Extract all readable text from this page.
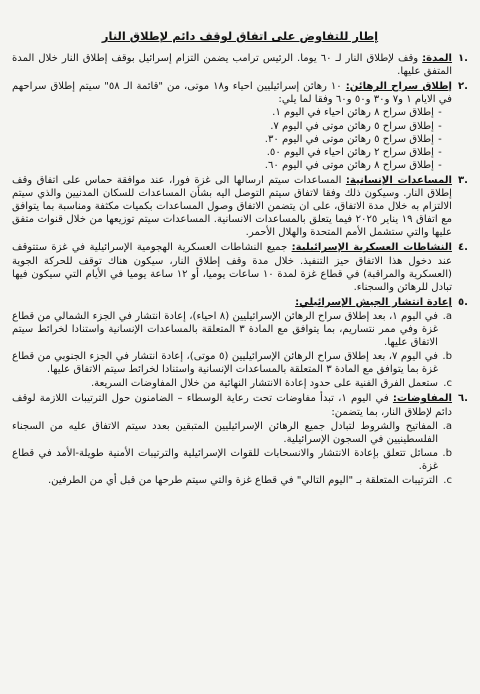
إطار للتفاوض على اتفاق لوقف دائم لإطلاق النار
.١
المدة: وقف لإطلاق النار لـ ٦٠ يوما. الرئيس ترامب يضمن التزام إسرائيل بوقف إطلاق النار خلال المدة المتفق عليها.
.٢
إطلاق سراح الرهائن: ١٠ رهائن إسرائيليين احياء و١٨ موتى، من "قائمة الـ ٥٨" سيتم إطلاق سراحهم في الايام ١ و٧ و٣٠ و٥٠ و٦٠ وفقا لما يلي:
-
إطلاق سراح ٨ رهائن احياء في اليوم ١.
-
إطلاق سراح ٥ رهائن موتى في اليوم ٧.
-
إطلاق سراح ٥ رهائن موتى في اليوم ٣٠.
-
إطلاق سراح ٢ رهائن احياء في اليوم ٥٠.
-
إطلاق سراح ٨ رهائن موتى في اليوم ٦٠.
.٣
المساعدات الإنسانية: المساعدات سيتم ارسالها الى غزة فورا، عند موافقة حماس على اتفاق وقف إطلاق النار. وسيكون ذلك وفقا لاتفاق سيتم التوصل اليه بشأن المساعدات للسكان المدنيين والذي سيتم الالتزام به خلال مدة الاتفاق، على ان يتضمن الاتفاق وصول المساعدات بكميات مكثفة ومناسبة بما يتوافق مع اتفاق ١٩ يناير ٢٠٢٥ فيما يتعلق بالمساعدات الانسانية. المساعدات سيتم توزيعها من خلال قنوات متفق عليها والتي ستشمل الأمم المتحدة والهلال الأحمر.
.٤
النشاطات العسكرية الإسرائيلية: جميع النشاطات العسكرية الهجومية الإسرائيلية في غزة ستتوقف عند دخول هذا الاتفاق حيز التنفيذ. خلال مدة وقف إطلاق النار، سيكون هناك توقف للحركة الجوية (العسكرية والمراقبة) في قطاع غزة لمدة ١٠ ساعات يوميا، أو ١٢ ساعة يوميا في الأيام التي سيكون فيها تبادل للرهائن والسجناء.
.٥
إعادة انتشار الجيش الإسرائيلي:
a.
في اليوم ١، بعد إطلاق سراح الرهائن الإسرائيليين (٨ احياء)، إعادة انتشار في الجزء الشمالي من قطاع غزة وفي ممر نتساريم، بما يتوافق مع المادة ٣ المتعلقة بالمساعدات الإنسانية واستنادا لخرائط سيتم الاتفاق عليها.
b.
في اليوم ٧، بعد إطلاق سراح الرهائن الإسرائيليين (٥ موتى)، إعادة انتشار في الجزء الجنوبي من قطاع غزة بما يتوافق مع المادة ٣ المتعلقة بالمساعدات الإنسانية واستنادا لخرائط سيتم الاتفاق عليها.
c.
ستعمل الفرق الفنية على حدود إعادة الانتشار النهائية من خلال المفاوضات السريعة.
.٦
المفاوضات: في اليوم ١، تبدأ مفاوضات تحت رعاية الوسطاء – الضامنون حول الترتيبات اللازمة لوقف دائم لإطلاق النار، بما يتضمن:
a.
المفاتيح والشروط لتبادل جميع الرهائن الإسرائيليين المتبقين بعدد سيتم الاتفاق عليه من السجناء الفلسطينيين في السجون الإسرائيلية.
b.
مسائل تتعلق بإعادة الانتشار والانسحابات للقوات الإسرائيلية والترتيبات الأمنية طويلة-الأمد في قطاع غزة.
c.
الترتيبات المتعلقة بـ "اليوم التالي" في قطاع غزة والتي سيتم طرحها من قبل أي من الطرفين.
